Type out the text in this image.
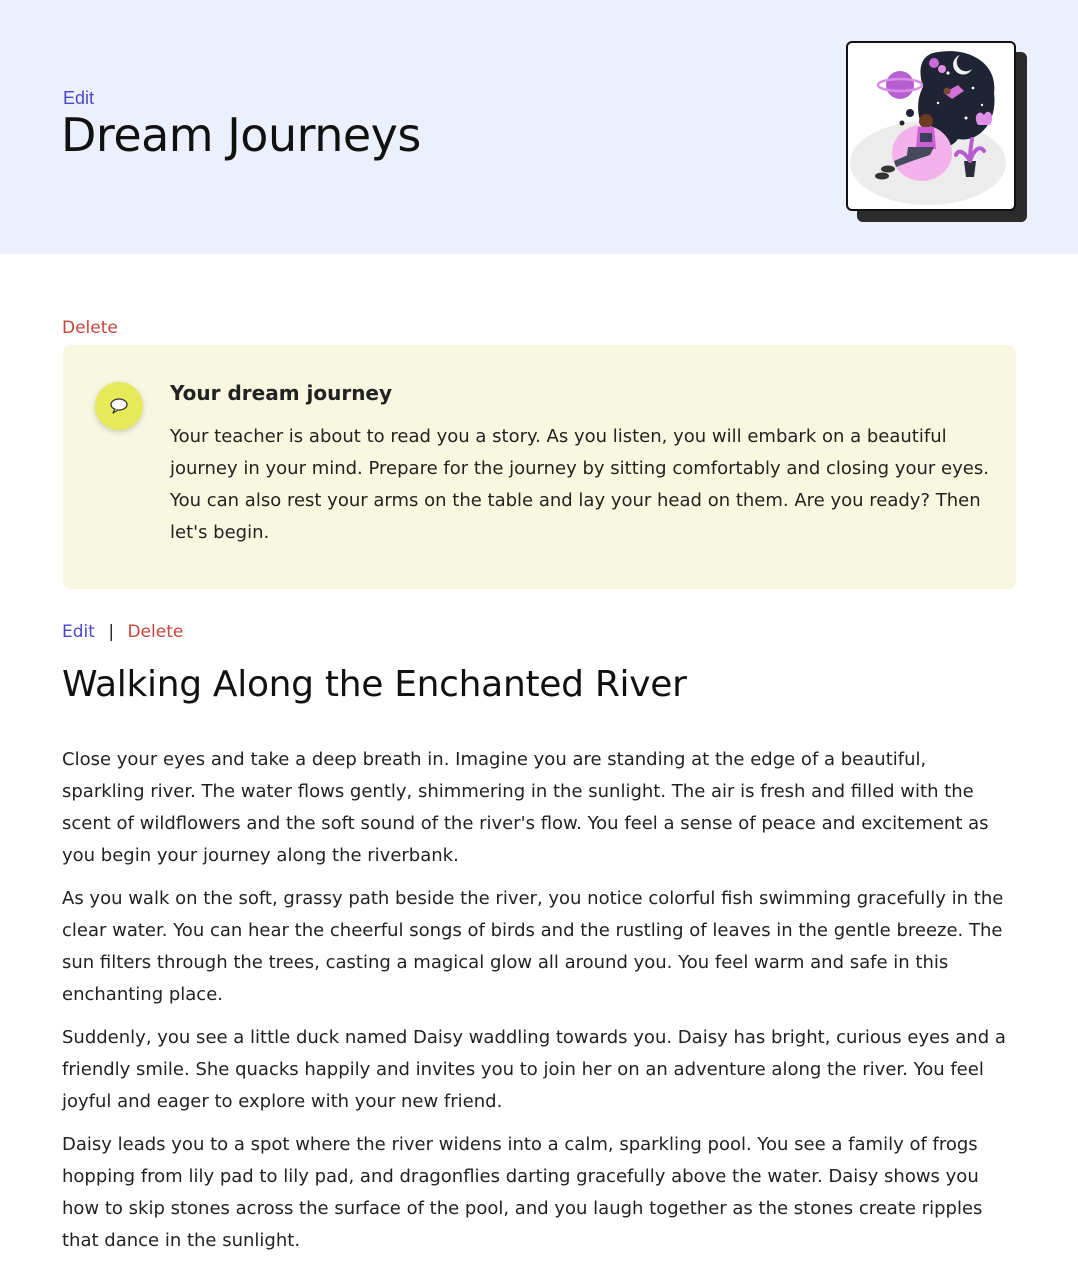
Edit
Dream Journeys
Delete
Your dream journey

Your teacher is about to read you a story. As you listen, you will embark on a beautiful journey in your mind. Prepare for the journey by sitting comfortably and closing your eyes. You can also rest your arms on the table and lay your head on them. Are you ready? Then let's begin.

Edit | Delete
Walking Along the Enchanted River

Close your eyes and take a deep breath in. Imagine you are standing at the edge of a beautiful, sparkling river. The water flows gently, shimmering in the sunlight. The air is fresh and filled with the scent of wildflowers and the soft sound of the river's flow. You feel a sense of peace and excitement as you begin your journey along the riverbank.

As you walk on the soft, grassy path beside the river, you notice colorful fish swimming gracefully in the clear water. You can hear the cheerful songs of birds and the rustling of leaves in the gentle breeze. The sun filters through the trees, casting a magical glow all around you. You feel warm and safe in this enchanting place.

Suddenly, you see a little duck named Daisy waddling towards you. Daisy has bright, curious eyes and a friendly smile. She quacks happily and invites you to join her on an adventure along the river. You feel joyful and eager to explore with your new friend.

Daisy leads you to a spot where the river widens into a calm, sparkling pool. You see a family of frogs hopping from lily pad to lily pad, and dragonflies darting gracefully above the water. Daisy shows you how to skip stones across the surface of the pool, and you laugh together as the stones create ripples that dance in the sunlight.
